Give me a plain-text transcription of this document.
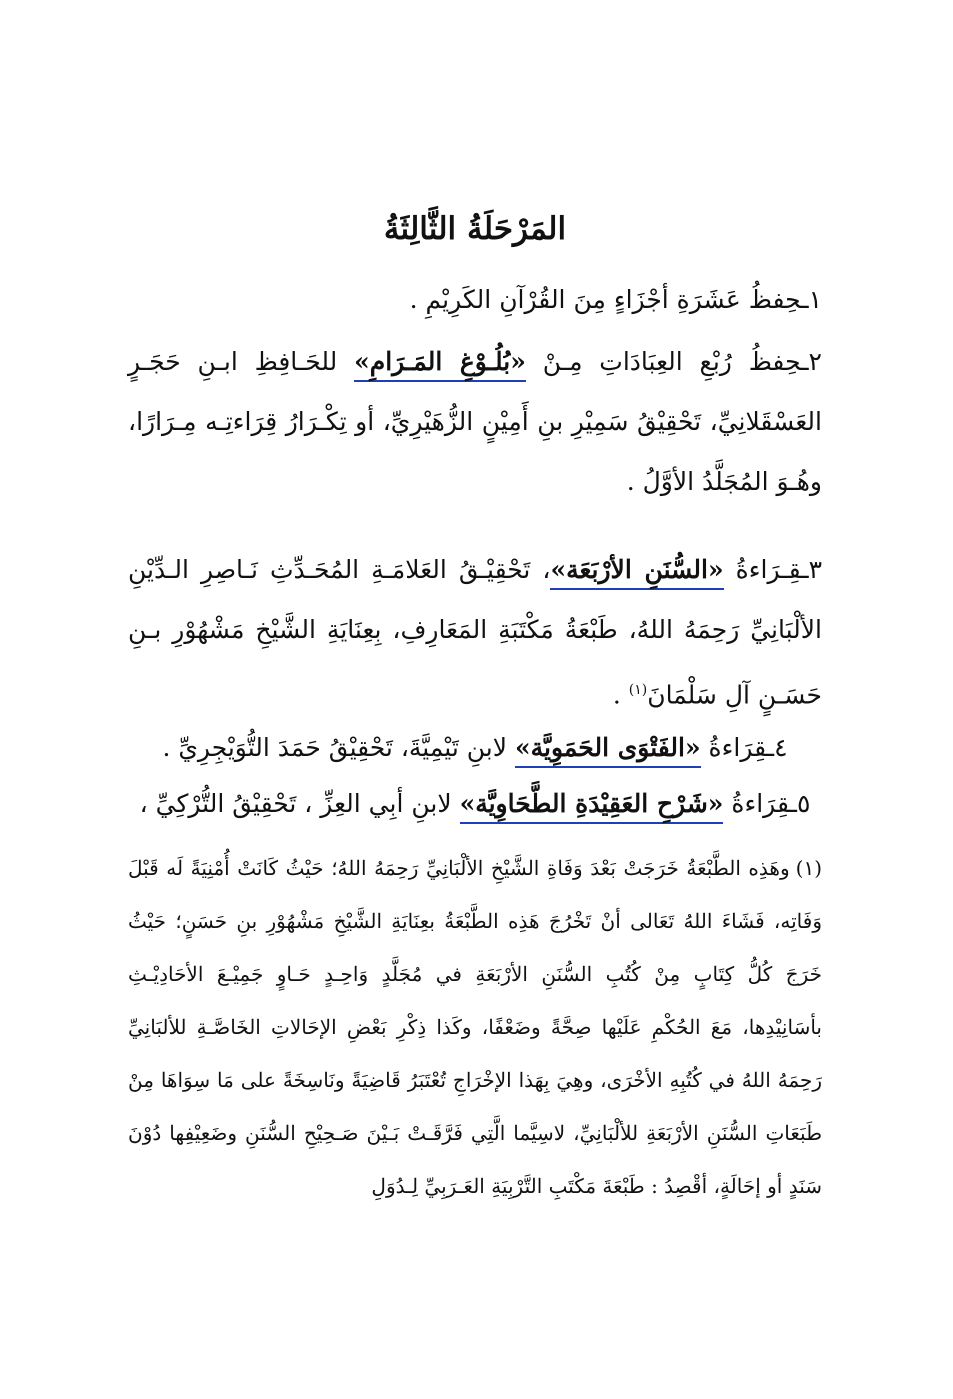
المَرْحَلَةُ الثَّالِثَةُ
١ـحِفظُ عَشَرَةِ أجْزَاءٍ مِنَ القُرْآنِ الكَرِيْمِ .
٢ـحِفظُ رُبْعِ العِبَادَاتِ مِـنْ «بُلُـوْغِ المَـرَامِ» للحَـافِظِ ابـنِ حَجَـرٍ العَسْقَلانِيِّ، تَحْقِيْقُ سَمِيْرِ بنِ أَمِيْنٍ الزُّهَيْرِيِّ، أو تِكْـرَارُ قِرَاءتِـه مِـرَارًا، وهُـوَ المُجَلَّدُ الأوَّلُ .
٣ـقِـرَاءةُ «السُّنَنِ الأرْبَعَة»، تَحْقِيْـقُ العَلامَـةِ المُحَـدِّثِ نَـاصِرِ الـدِّيْنِ الألْبَانِيِّ رَحِمَهُ اللهُ، طَبْعَةُ مَكْتَبَةِ المَعَارِفِ، بِعِنَايَةِ الشَّيْخِ مَشْهُوْرِ بـنِ حَسَـنٍ آلِ سَلْمَانَ$^{(١)}$ .
٤ـقِرَاءةُ «الفَتْوَى الحَمَوِيَّة» لابنِ تَيْمِيَّةَ، تَحْقِيْقُ حَمَدَ التُّوَيْجِرِيِّ .
٥ـقِرَاءةُ «شَرْحِ العَقِيْدَةِ الطَّحَاوِيَّة» لابنِ أبِي العِزِّ ، تَحْقِيْقُ التُّرْكِيِّ ،
(١)وهَذِه الطَّبْعَةُ خَرَجَتْ بَعْدَ وَفَاةِ الشَّيْخِ الألْبَانِيِّ رَحِمَهُ اللهُ؛ حَيْثُ كَانَتْ أُمْنِيَةً لَه قَبْلَ وَفَاتِه، فَشَاءَ اللهُ تَعَالى أنْ تَخْرُجَ هَذِه الطَّبْعَةُ بعِنَايَةِ الشَّيْخِ مَشْهُوْرِ بنِ حَسَنٍ؛ حَيْثُ خَرَجَ كُلُّ كِتَابٍ مِنْ كُتُبِ السُّنَنِ الأرْبَعَةِ في مُجَلَّدٍ وَاحِـدٍ حَـاوٍ جَمِيْـعَ الأحَادِيْـثِ بأسَانِيْدِها، مَعَ الحُكْمِ عَلَيْها صِحَّةً وضَعْفًا، وكَذا ذِكْرِ بَعْضِ الإحَالاتِ الخَاصَّـةِ للألبَانِيِّ رَحِمَهُ اللهُ في كُتُبِهِ الأخْرَى، وهِيَ بِهَذا الإخْرَاجِ تُعْتَبَرُ قَاضِيَةً ونَاسِخَةً على مَا سِوَاهَا مِنْ طَبَعَاتِ السُّنَنِ الأرْبَعَةِ للألْبَانِيِّ، لاسِيَّما الَّتِي فَرَّقَـتْ بَـيْنَ صَـحِيْحِ السُّنَنِ وضَعِيْفِها دُوْنَ سَنَدٍ أو إحَالَةٍ، أقْصِدُ : طَبْعَةَ مَكْتَبِ التَّرْبِيَةِ العَـرَبِيِّ لِـدُوَلِ
